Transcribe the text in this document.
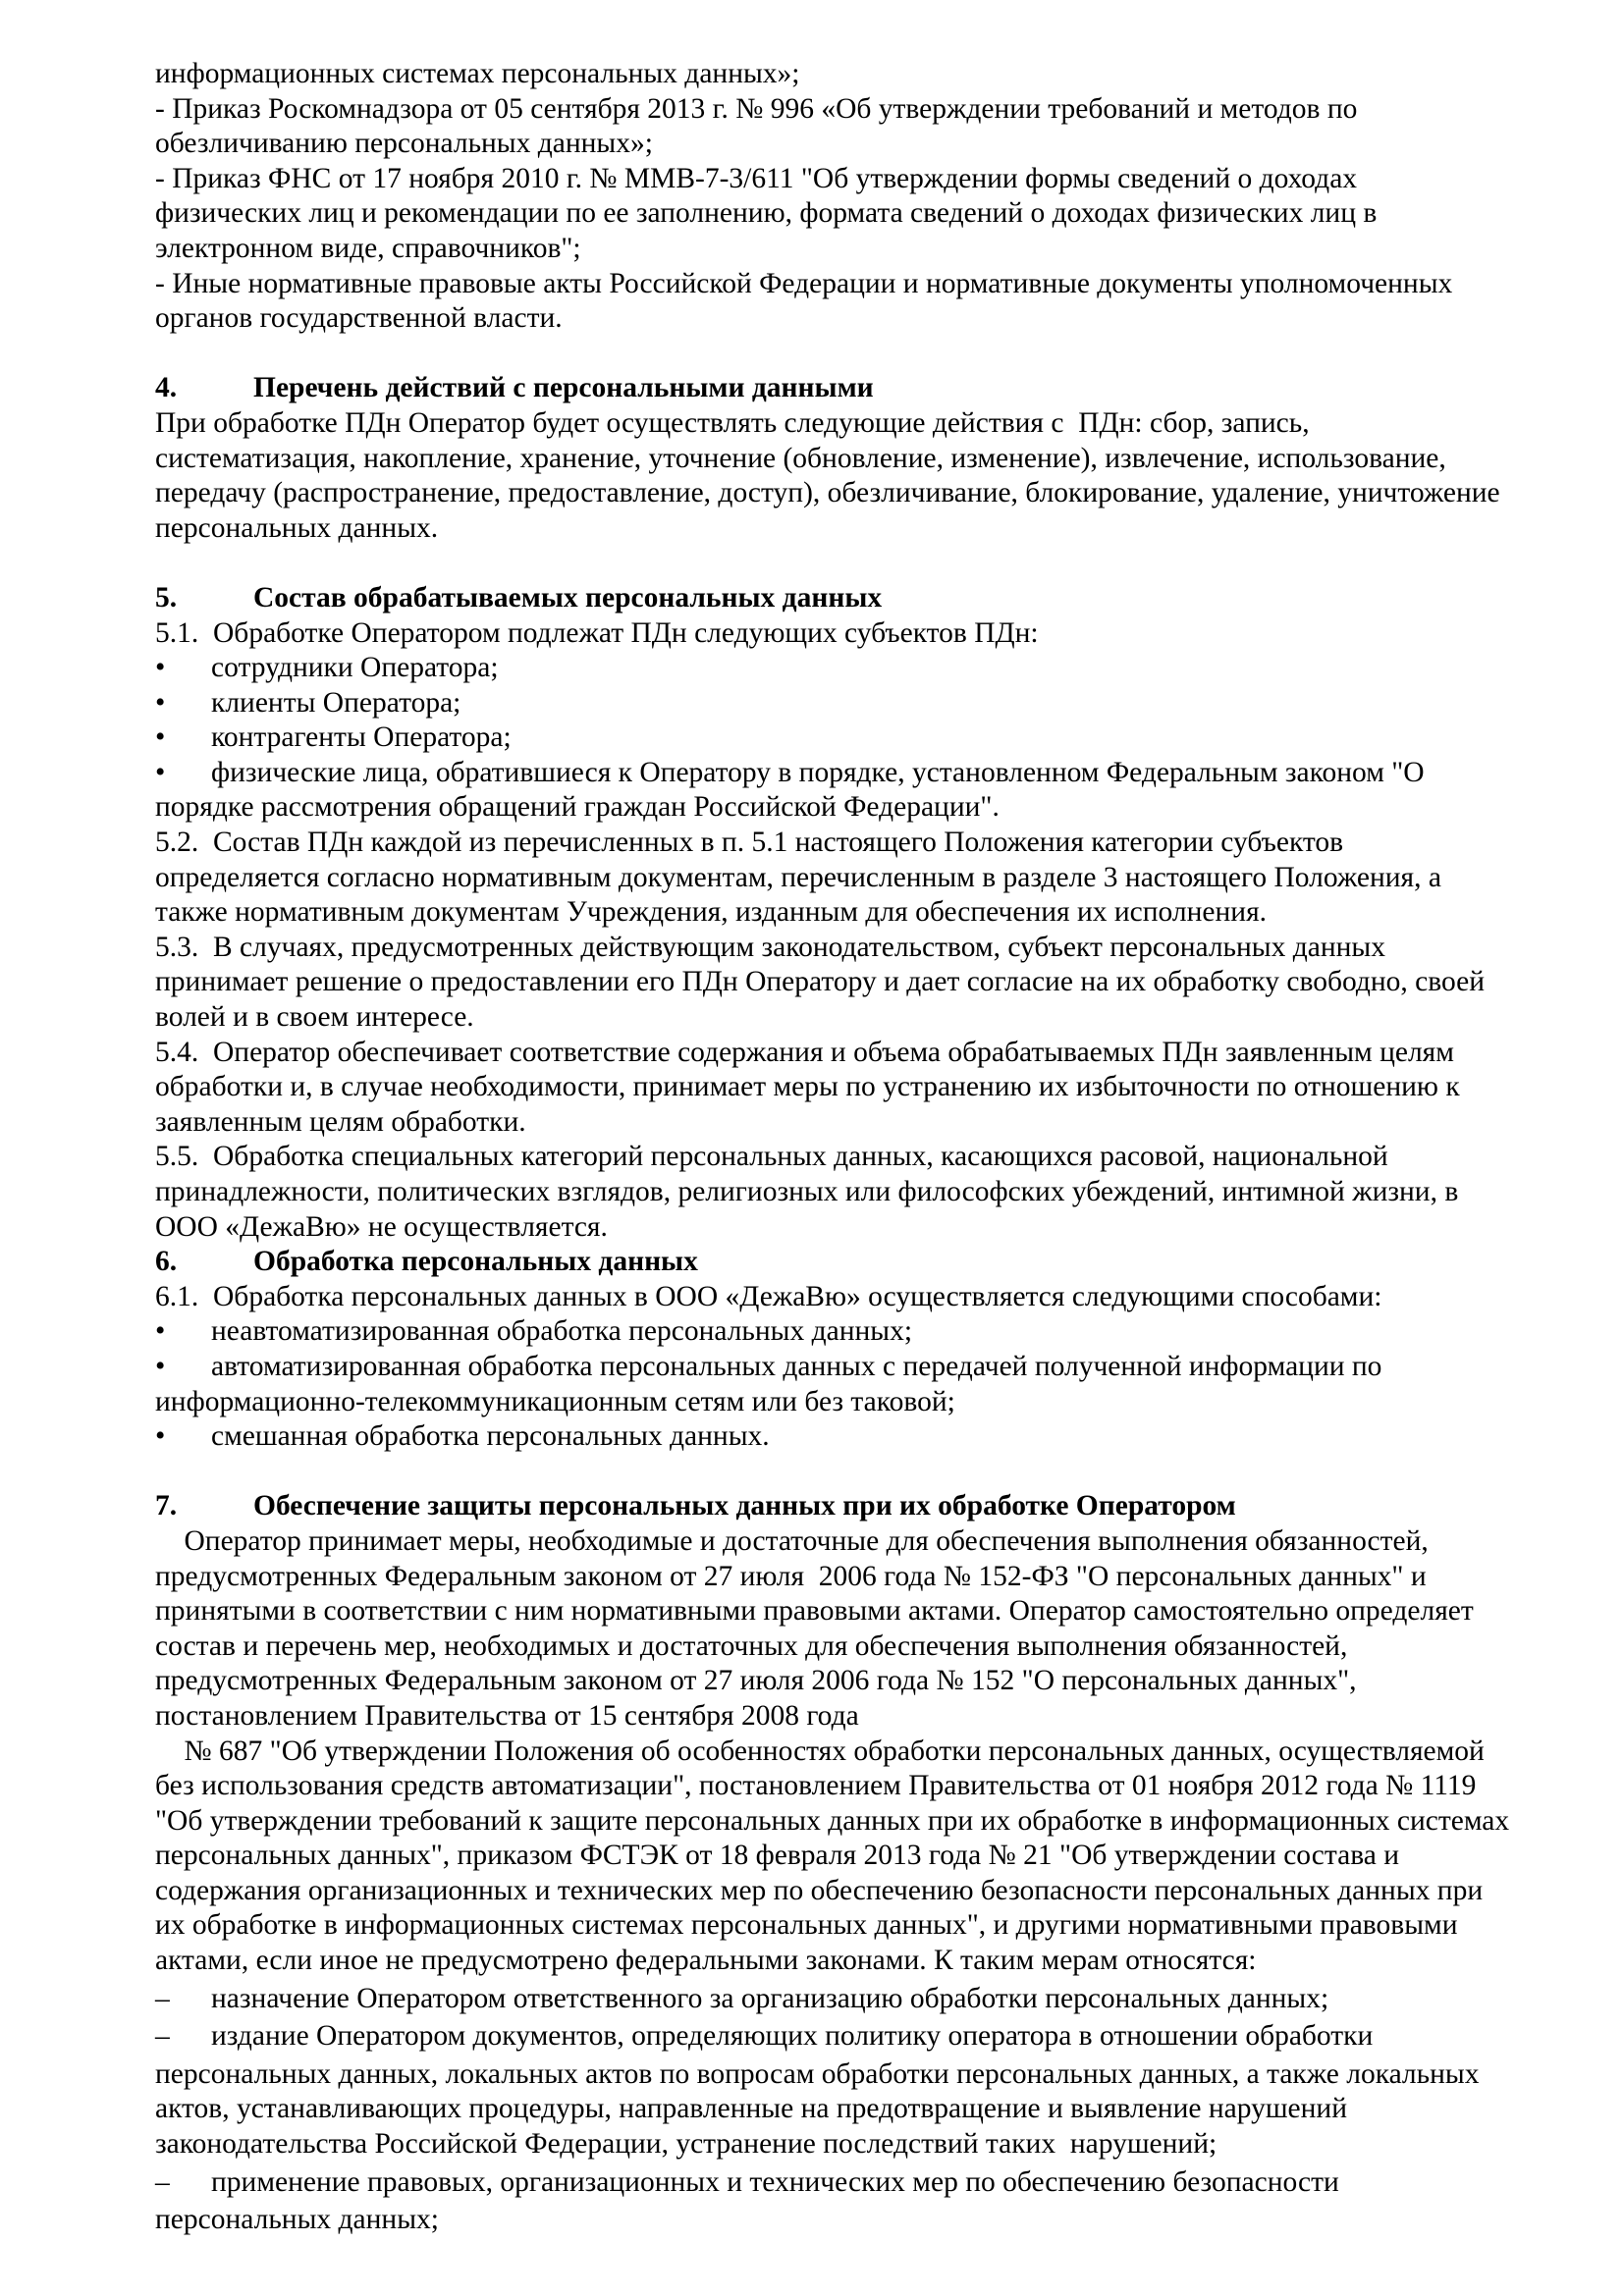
информационных системах персональных данных»;
- Приказ Роскомнадзора от 05 сентября 2013 г. № 996 «Об утверждении требований и методов по
обезличиванию персональных данных»;
- Приказ ФНС от 17 ноября 2010 г. № ММВ-7-3/611 "Об утверждении формы сведений о доходах
физических лиц и рекомендации по ее заполнению, формата сведений о доходах физических лиц в
электронном виде, справочников";
- Иные нормативные правовые акты Российской Федерации и нормативные документы уполномоченных
органов государственной власти.
4.	Перечень действий с персональными данными
При обработке ПДн Оператор будет осуществлять следующие действия с  ПДн: сбор, запись,
систематизация, накопление, хранение, уточнение (обновление, изменение), извлечение, использование,
передачу (распространение, предоставление, доступ), обезличивание, блокирование, удаление, уничтожение
персональных данных.
5.	Состав обрабатываемых персональных данных
5.1.  Обработке Оператором подлежат ПДн следующих субъектов ПДн:
• сотрудники Оператора;
• клиенты Оператора;
• контрагенты Оператора;
• физические лица, обратившиеся к Оператору в порядке, установленном Федеральным законом "О
порядке рассмотрения обращений граждан Российской Федерации".
5.2.  Состав ПДн каждой из перечисленных в п. 5.1 настоящего Положения категории субъектов
определяется согласно нормативным документам, перечисленным в разделе 3 настоящего Положения, а
также нормативным документам Учреждения, изданным для обеспечения их исполнения.
5.3.  В случаях, предусмотренных действующим законодательством, субъект персональных данных
принимает решение о предоставлении его ПДн Оператору и дает согласие на их обработку свободно, своей
волей и в своем интересе.
5.4.  Оператор обеспечивает соответствие содержания и объема обрабатываемых ПДн заявленным целям
обработки и, в случае необходимости, принимает меры по устранению их избыточности по отношению к
заявленным целям обработки.
5.5.  Обработка специальных категорий персональных данных, касающихся расовой, национальной
принадлежности, политических взглядов, религиозных или философских убеждений, интимной жизни, в
ООО «ДежаВю» не осуществляется.
6.	Обработка персональных данных
6.1.  Обработка персональных данных в ООО «ДежаВю» осуществляется следующими способами:
• неавтоматизированная обработка персональных данных;
• автоматизированная обработка персональных данных с передачей полученной информации по
информационно-телекоммуникационным сетям или без таковой;
• смешанная обработка персональных данных.
7.	Обеспечение защиты персональных данных при их обработке Оператором
Оператор принимает меры, необходимые и достаточные для обеспечения выполнения обязанностей,
предусмотренных Федеральным законом от 27 июля  2006 года № 152-ФЗ "О персональных данных" и
принятыми в соответствии с ним нормативными правовыми актами. Оператор самостоятельно определяет
состав и перечень мер, необходимых и достаточных для обеспечения выполнения обязанностей,
предусмотренных Федеральным законом от 27 июля 2006 года № 152 "О персональных данных",
постановлением Правительства от 15 сентября 2008 года
№ 687 "Об утверждении Положения об особенностях обработки персональных данных, осуществляемой
без использования средств автоматизации", постановлением Правительства от 01 ноября 2012 года № 1119
"Об утверждении требований к защите персональных данных при их обработке в информационных системах
персональных данных", приказом ФСТЭК от 18 февраля 2013 года № 21 "Об утверждении состава и
содержания организационных и технических мер по обеспечению безопасности персональных данных при
их обработке в информационных системах персональных данных", и другими нормативными правовыми
актами, если иное не предусмотрено федеральными законами. К таким мерам относятся:
– назначение Оператором ответственного за организацию обработки персональных данных;
– издание Оператором документов, определяющих политику оператора в отношении обработки
персональных данных, локальных актов по вопросам обработки персональных данных, а также локальных
актов, устанавливающих процедуры, направленные на предотвращение и выявление нарушений
законодательства Российской Федерации, устранение последствий таких  нарушений;
– применение правовых, организационных и технических мер по обеспечению безопасности
персональных данных;
